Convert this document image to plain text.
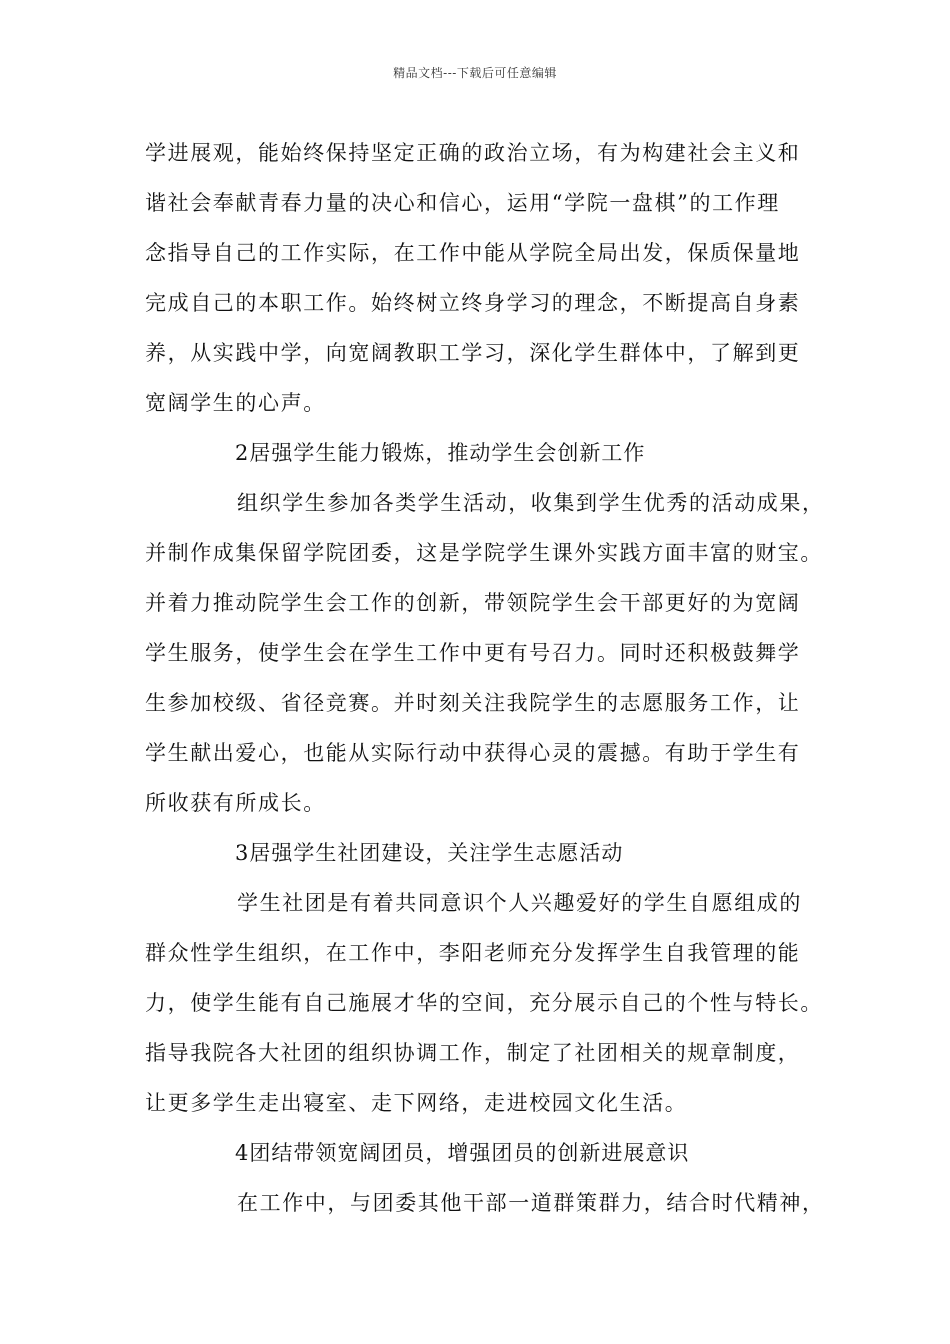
精品文档---下载后可任意编辑
学进展观，能始终保持坚定正确的政治立场，有为构建社会主义和
谐社会奉献青春力量的决心和信心，运用“学院一盘棋”的工作理
念指导自己的工作实际，在工作中能从学院全局出发，保质保量地
完成自己的本职工作。始终树立终身学习的理念，不断提高自身素
养，从实践中学，向宽阔教职工学习，深化学生群体中，了解到更
宽阔学生的心声。
2居强学生能力锻炼，推动学生会创新工作
组织学生参加各类学生活动，收集到学生优秀的活动成果，
并制作成集保留学院团委，这是学院学生课外实践方面丰富的财宝。
并着力推动院学生会工作的创新，带领院学生会干部更好的为宽阔
学生服务，使学生会在学生工作中更有号召力。同时还积极鼓舞学
生参加校级、省径竞赛。并时刻关注我院学生的志愿服务工作，让
学生献出爱心，也能从实际行动中获得心灵的震撼。有助于学生有
所收获有所成长。
3居强学生社团建设，关注学生志愿活动
学生社团是有着共同意识个人兴趣爱好的学生自愿组成的
群众性学生组织，在工作中，李阳老师充分发挥学生自我管理的能
力，使学生能有自己施展才华的空间，充分展示自己的个性与特长。
指导我院各大社团的组织协调工作，制定了社团相关的规章制度，
让更多学生走出寝室、走下网络，走进校园文化生活。
4团结带领宽阔团员，增强团员的创新进展意识
在工作中，与团委其他干部一道群策群力，结合时代精神，
